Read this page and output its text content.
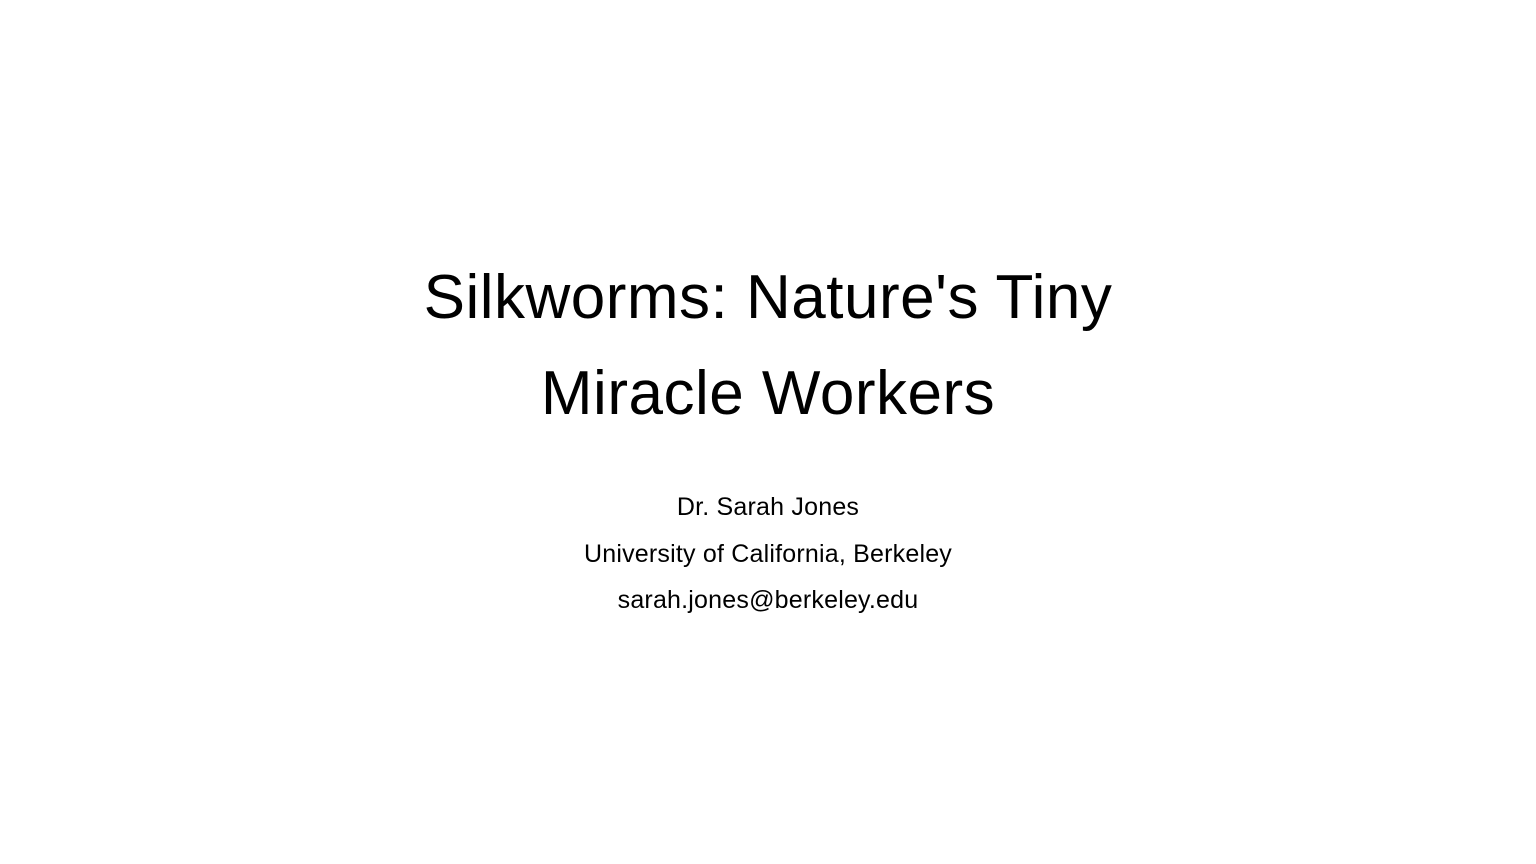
Silkworms: Nature's Tiny
Miracle Workers
Dr. Sarah Jones
University of California, Berkeley
sarah.jones@berkeley.edu
